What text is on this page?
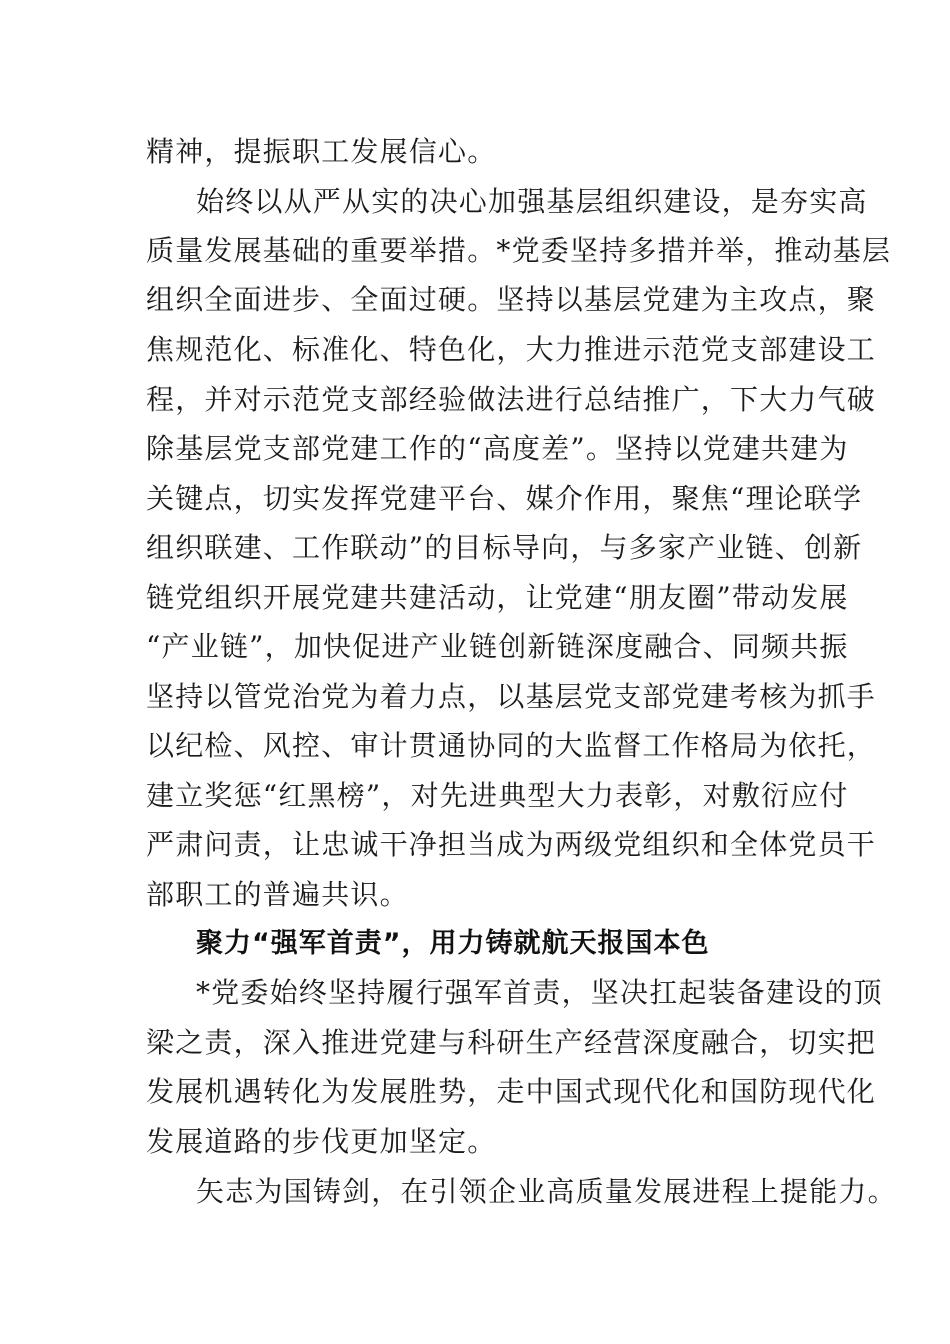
精神，提振职工发展信心。
始终以从严从实的决心加强基层组织建设，是夯实高
质量发展基础的重要举措。*党委坚持多措并举，推动基层
组织全面进步、全面过硬。坚持以基层党建为主攻点，聚
焦规范化、标准化、特色化，大力推进示范党支部建设工
程，并对示范党支部经验做法进行总结推广，下大力气破
除基层党支部党建工作的“高度差”。坚持以党建共建为
关键点，切实发挥党建平台、媒介作用，聚焦“理论联学
组织联建、工作联动”的目标导向，与多家产业链、创新
链党组织开展党建共建活动，让党建“朋友圈”带动发展
“产业链”，加快促进产业链创新链深度融合、同频共振
坚持以管党治党为着力点，以基层党支部党建考核为抓手
以纪检、风控、审计贯通协同的大监督工作格局为依托，
建立奖惩“红黑榜”，对先进典型大力表彰，对敷衍应付
严肃问责，让忠诚干净担当成为两级党组织和全体党员干
部职工的普遍共识。
聚力“强军首责”，用力铸就航天报国本色
*党委始终坚持履行强军首责，坚决扛起装备建设的顶
梁之责，深入推进党建与科研生产经营深度融合，切实把
发展机遇转化为发展胜势，走中国式现代化和国防现代化
发展道路的步伐更加坚定。
矢志为国铸剑，在引领企业高质量发展进程上提能力。
